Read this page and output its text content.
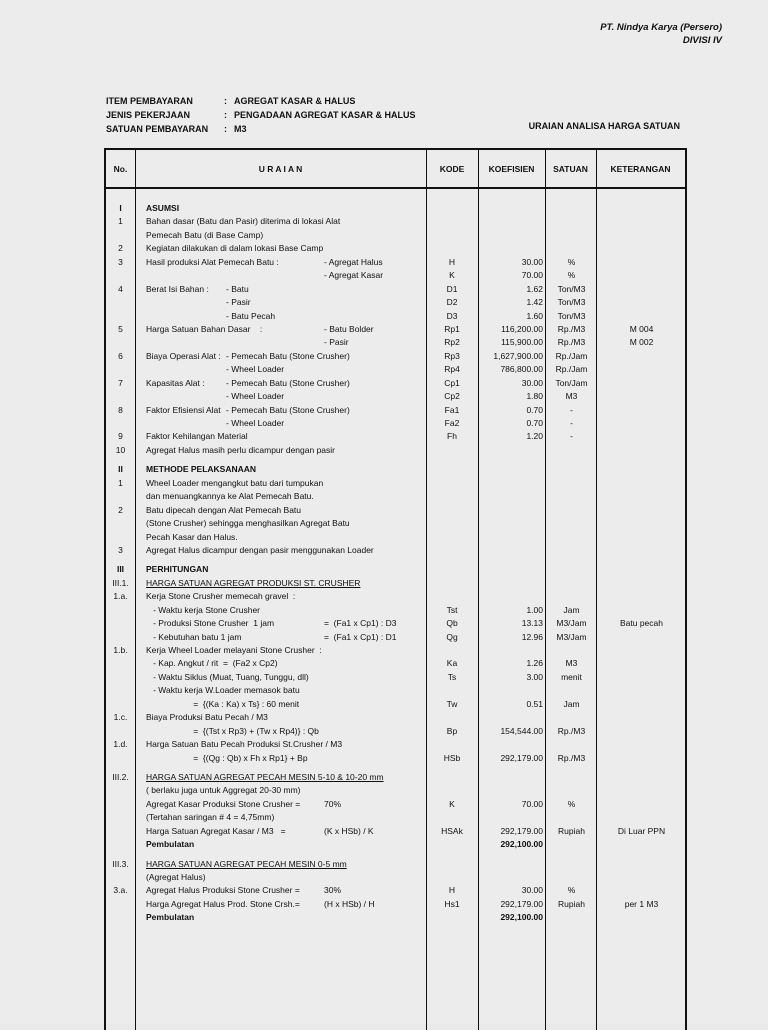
PT. Nindya Karya (Persero)
DIVISI IV
ITEM PEMBAYARAN	: AGREGAT KASAR & HALUS
JENIS PEKERJAAN	: PENGADAAN AGREGAT KASAR & HALUS
SATUAN PEMBAYARAN	: M3	URAIAN ANALISA HARGA SATUAN
No.	U R A I A N	KODE	KOEFISIEN	SATUAN	KETERANGAN
I	ASUMSI
1	Bahan dasar (Batu dan Pasir) diterima di lokasi Alat
Pemecah Batu (di Base Camp)
2	Kegiatan dilakukan di dalam lokasi Base Camp
3	Hasil produksi Alat Pemecah Batu :	- Agregat Halus	H	30.00	%
- Agregat Kasar	K	70.00	%
4	Berat Isi Bahan : - Batu	D1	1.62	Ton/M3
- Pasir	D2	1.42	Ton/M3
- Batu Pecah	D3	1.60	Ton/M3
5	Harga Satuan Bahan Dasar    :	- Batu Bolder	Rp1	116,200.00	Rp./M3	M 004
- Pasir	Rp2	115,900.00	Rp./M3	M 002
6	Biaya Operasi Alat : - Pemecah Batu (Stone Crusher)	Rp3	1,627,900.00	Rp./Jam
- Wheel Loader	Rp4	786,800.00	Rp./Jam
7	Kapasitas Alat :	- Pemecah Batu (Stone Crusher)	Cp1	30.00	Ton/Jam
- Wheel Loader	Cp2	1.80	M3
8	Faktor Efisiensi Alat - Pemecah Batu (Stone Crusher)	Fa1	0.70	-
- Wheel Loader	Fa2	0.70	-
9	Faktor Kehilangan Material	Fh	1.20	-
10	Agregat Halus masih perlu dicampur dengan pasir
II	METHODE PELAKSANAAN
1	Wheel Loader mengangkut batu dari tumpukan
dan menuangkannya ke Alat Pemecah Batu.
2	Batu dipecah dengan Alat Pemecah Batu
(Stone Crusher) sehingga menghasilkan Agregat Batu
Pecah Kasar dan Halus.
3	Agregat Halus dicampur dengan pasir menggunakan Loader
III	PERHITUNGAN
III.1.	HARGA SATUAN AGREGAT PRODUKSI ST. CRUSHER
1.a.	Kerja Stone Crusher memecah gravel  :
- Waktu kerja Stone Crusher	Tst	1.00	Jam
- Produksi Stone Crusher  1 jam	=  (Fa1 x Cp1) : D3	Qb	13.13	M3/Jam	Batu pecah
- Kebutuhan batu 1 jam	=  (Fa1 x Cp1) : D1	Qg	12.96	M3/Jam
1.b.	Kerja Wheel Loader melayani Stone Crusher  :
- Kap. Angkut / rit  =  (Fa2 x Cp2)	Ka	1.26	M3
- Waktu Siklus (Muat, Tuang, Tunggu, dll)	Ts	3.00	menit
- Waktu kerja W.Loader memasok batu
=  {(Ka : Ka) x Ts} : 60 menit	Tw	0.51	Jam
1.c.	Biaya Produksi Batu Pecah / M3
=  {(Tst x Rp3) + (Tw x Rp4)} : Qb	Bp	154,544.00	Rp./M3
1.d.	Harga Satuan Batu Pecah Produksi St.Crusher / M3
=  {(Qg : Qb) x Fh x Rp1} + Bp	HSb	292,179.00	Rp./M3
III.2.	HARGA SATUAN AGREGAT PECAH MESIN 5-10 & 10-20 mm
( berlaku juga untuk Aggregat 20-30 mm)
Agregat Kasar Produksi Stone Crusher =	70%	K	70.00	%
(Tertahan saringan # 4 = 4,75mm)
Harga Satuan Agregat Kasar / M3   =	(K x HSb) / K	HSAk	292,179.00	Rupiah	Di Luar PPN
Pembulatan	292,100.00
III.3.	HARGA SATUAN AGREGAT PECAH MESIN 0-5 mm
(Agregat Halus)
3.a.	Agregat Halus Produksi Stone Crusher =	30%	H	30.00	%
Harga Agregat Halus Prod. Stone Crsh.=	(H x HSb) / H	Hs1	292,179.00	Rupiah	per 1 M3
Pembulatan	292,100.00
